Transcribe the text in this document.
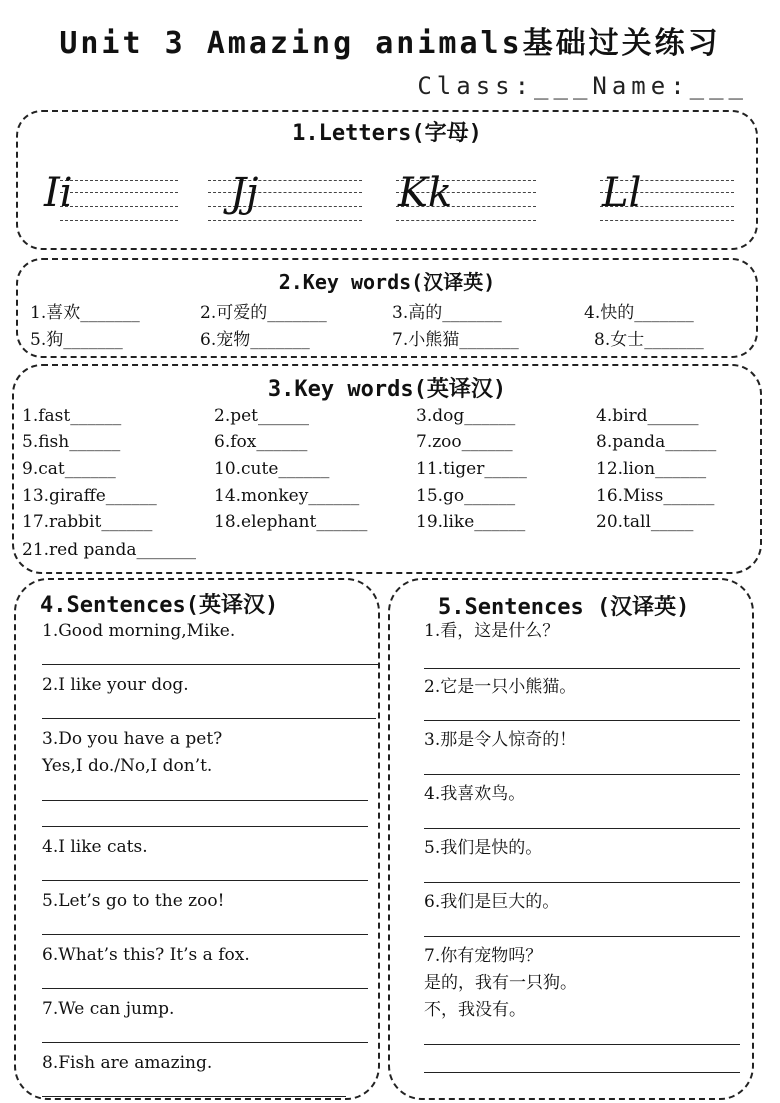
Unit 3 Amazing animals基础过关练习
Class:___Name:___
1.Letters(字母)
Ii	Jj	Kk	Ll
2.Key words(汉译英)
1.喜欢_______	2.可爱的_______	3.高的_______	4.快的_______
5.狗_______	6.宠物_______	7.小熊猫_______	8.女士_______
3.Key words(英译汉)
1.fast______	2.pet______	3.dog______	4.bird______
5.fish______	6.fox______	7.zoo______	8.panda______
9.cat______	10.cute______	11.tiger_____	12.lion______
13.giraffe______	14.monkey______	15.go______	16.Miss______
17.rabbit______	18.elephant______	19.like______	20.tall_____
21.red panda_______
4.Sentences(英译汉)
1.Good morning,Mike.
2.I like your dog.
3.Do you have a pet?
Yes,I do./No,I don’t.
4.I like cats.
5.Let’s go to the zoo!
6.What’s this? It’s a fox.
7.We can jump.
8.Fish are amazing.
5.Sentences (汉译英)
1.看，这是什么？
2.它是一只小熊猫。
3.那是令人惊奇的！
4.我喜欢鸟。
5.我们是快的。
6.我们是巨大的。
7.你有宠物吗？
是的，我有一只狗。
不，我没有。
